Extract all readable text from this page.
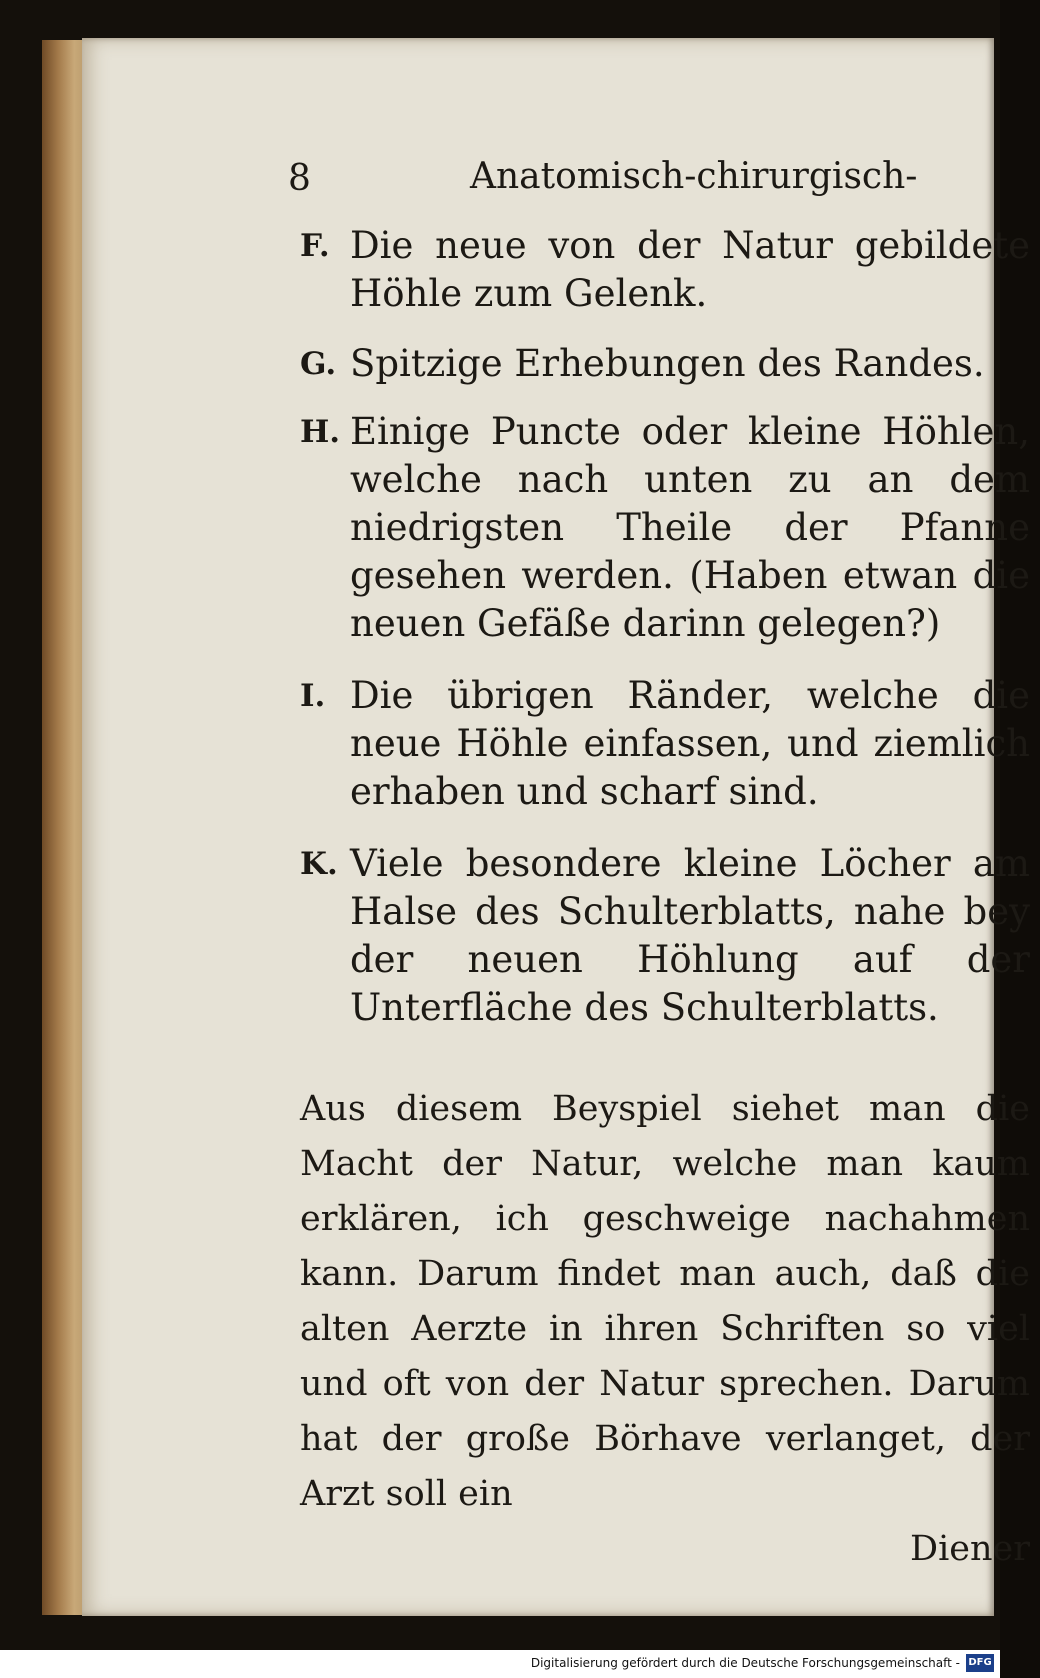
8	Anatomisch-chirurgisch-
F. Die neue von der Natur gebildete Höhle zum Gelenk.
G. Spitzige Erhebungen des Randes.
H. Einige Puncte oder kleine Höhlen, welche nach unten zu an dem niedrigsten Theile der Pfanne gesehen werden. (Haben etwan die neuen Gefäße darinn gelegen?)
I. Die übrigen Ränder, welche die neue Höhle einfassen, und ziemlich erhaben und scharf sind.
K. Viele besondere kleine Löcher am Halse des Schulterblatts, nahe bey der neuen Höhlung auf der Unterfläche des Schulterblatts.
Aus diesem Beyspiel siehet man die Macht der Natur, welche man kaum erklären, ich geschweige nachahmen kann. Darum findet man auch, daß die alten Aerzte in ihren Schriften so viel und oft von der Natur sprechen. Darum hat der große Börhave verlanget, der Arzt soll ein
Diener
Digitalisierung gefördert durch die Deutsche Forschungsgemeinschaft - DFG
